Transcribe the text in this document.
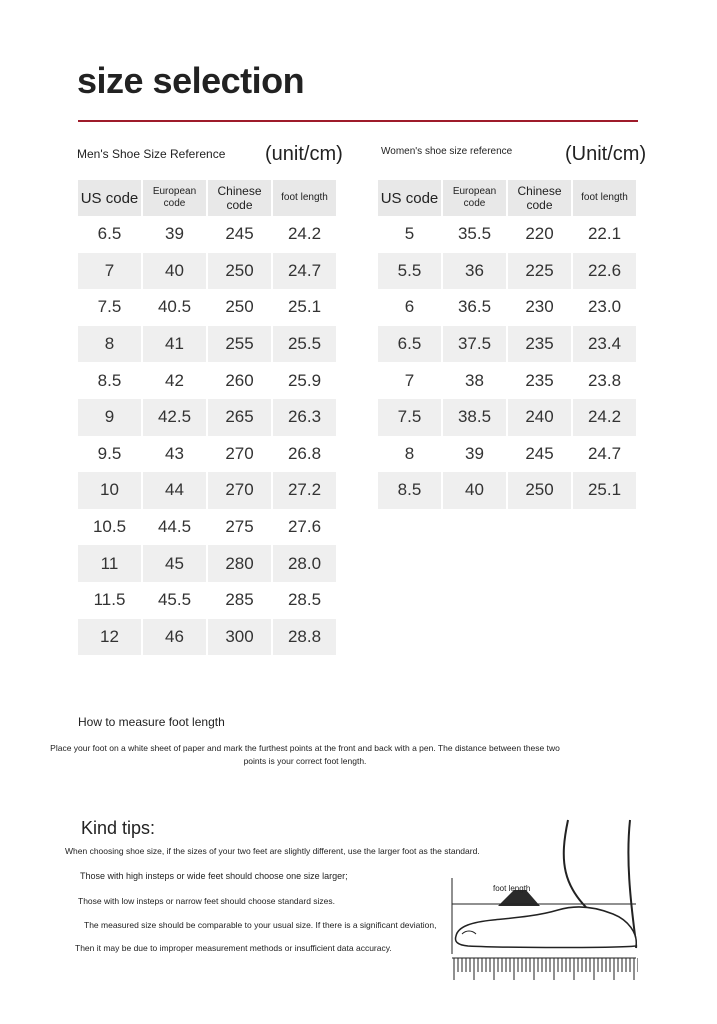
size selection
Men's Shoe Size Reference (unit/cm)
US code	European code	Chinese code	foot length
6.5	39	245	24.2
7	40	250	24.7
7.5	40.5	250	25.1
8	41	255	25.5
8.5	42	260	25.9
9	42.5	265	26.3
9.5	43	270	26.8
10	44	270	27.2
10.5	44.5	275	27.6
11	45	280	28.0
11.5	45.5	285	28.5
12	46	300	28.8
Women's shoe size reference	(Unit/cm)
US code	European code	Chinese code	foot length
5	35.5	220	22.1
5.5	36	225	22.6
6	36.5	230	23.0
6.5	37.5	235	23.4
7	38	235	23.8
7.5	38.5	240	24.2
8	39	245	24.7
8.5	40	250	25.1
How to measure foot length
Place your foot on a white sheet of paper and mark the furthest points at the front and back with a pen. The distance between these two points is your correct foot length.
Kind tips:
When choosing shoe size, if the sizes of your two feet are slightly different, use the larger foot as the standard.
Those with high insteps or wide feet should choose one size larger;
Those with low insteps or narrow feet should choose standard sizes.
The measured size should be comparable to your usual size. If there is a significant deviation,
Then it may be due to improper measurement methods or insufficient data accuracy.
foot length
